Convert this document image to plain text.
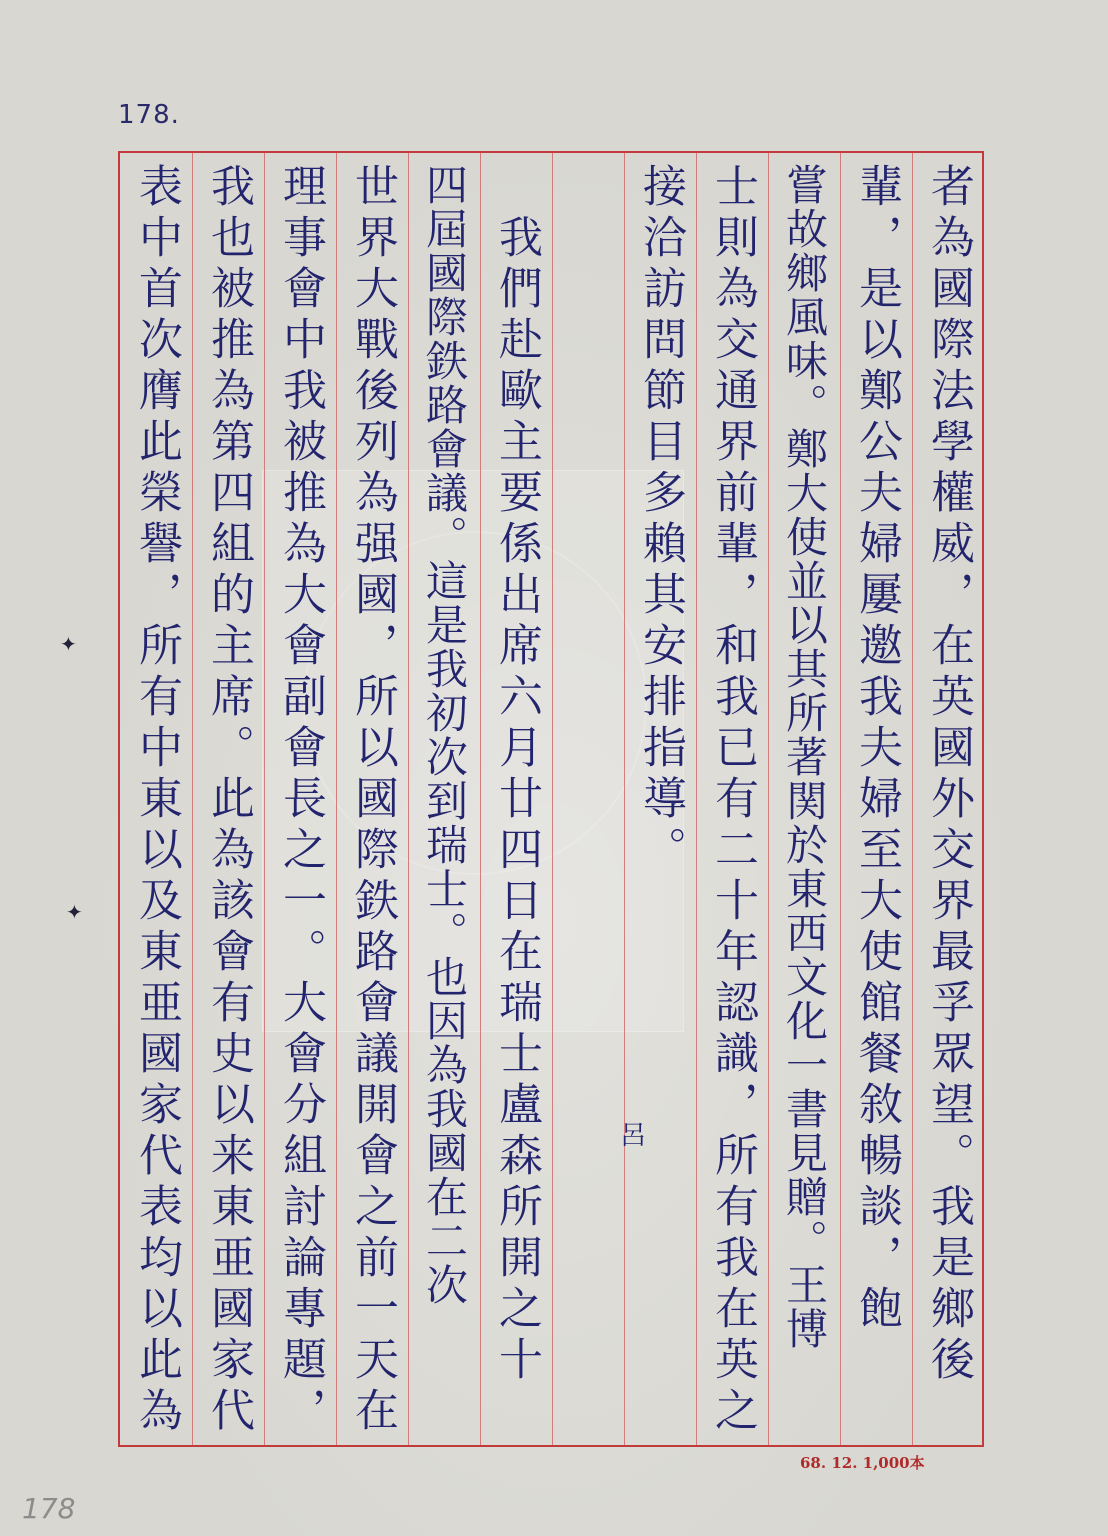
178.
者為國際法學權威，在英國外交界最孚眾望。我是鄉後
輩，是以鄭公夫婦屢邀我夫婦至大使館餐敘暢談，飽
嘗故鄉風味。鄭大使並以其所著関於東西文化一書見贈。王博
士則為交通界前輩，和我已有二十年認識，所有我在英之
接洽訪問節目多賴其安排指導。
　我們赴歐主要係出席六月廿四日在瑞士盧森所開之十
四屆國際鉄路會議。這是我初次到瑞士。也因為我國在二次
世界大戰後列為强國，所以國際鉄路會議開會之前一天在
理事會中我被推為大會副會長之一。大會分組討論專題，
我也被推為第四組的主席。此為該會有史以来東亜國家代
表中首次膺此榮譽，所有中東以及東亜國家代表均以此為	呂
✦
✦
68. 12. 1,000本
178
